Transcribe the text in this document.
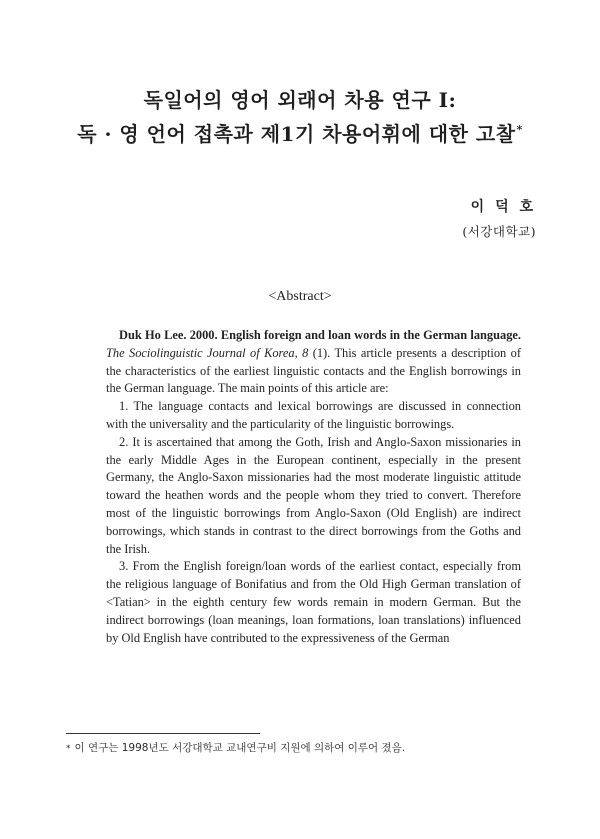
독일어의 영어 외래어 차용 연구 I:
독 · 영 언어 접촉과 제1기 차용어휘에 대한 고찰*
이 덕 호
(서강대학교)
<Abstract>

Duk Ho Lee. 2000. English foreign and loan words in the German language. The Sociolinguistic Journal of Korea, 8 (1). This article presents a description of the characteristics of the earliest linguistic contacts and the English borrowings in the German language. The main points of this article are:

1. The language contacts and lexical borrowings are discussed in connection with the universality and the particularity of the linguistic borrowings.

2. It is ascertained that among the Goth, Irish and Anglo-Saxon missionaries in the early Middle Ages in the European continent, especially in the present Germany, the Anglo-Saxon missionaries had the most moderate linguistic attitude toward the heathen words and the people whom they tried to convert. Therefore most of the linguistic borrowings from Anglo-Saxon (Old English) are indirect borrowings, which stands in contrast to the direct borrowings from the Goths and the Irish.

3. From the English foreign/loan words of the earliest contact, especially from the religious language of Bonifatius and from the Old High German translation of <Tatian> in the eighth century few words remain in modern German. But the indirect borrowings (loan meanings, loan formations, loan translations) influenced by Old English have contributed to the expressiveness of the German

* 이 연구는 1998년도 서강대학교 교내연구비 지원에 의하여 이루어 졌음.
